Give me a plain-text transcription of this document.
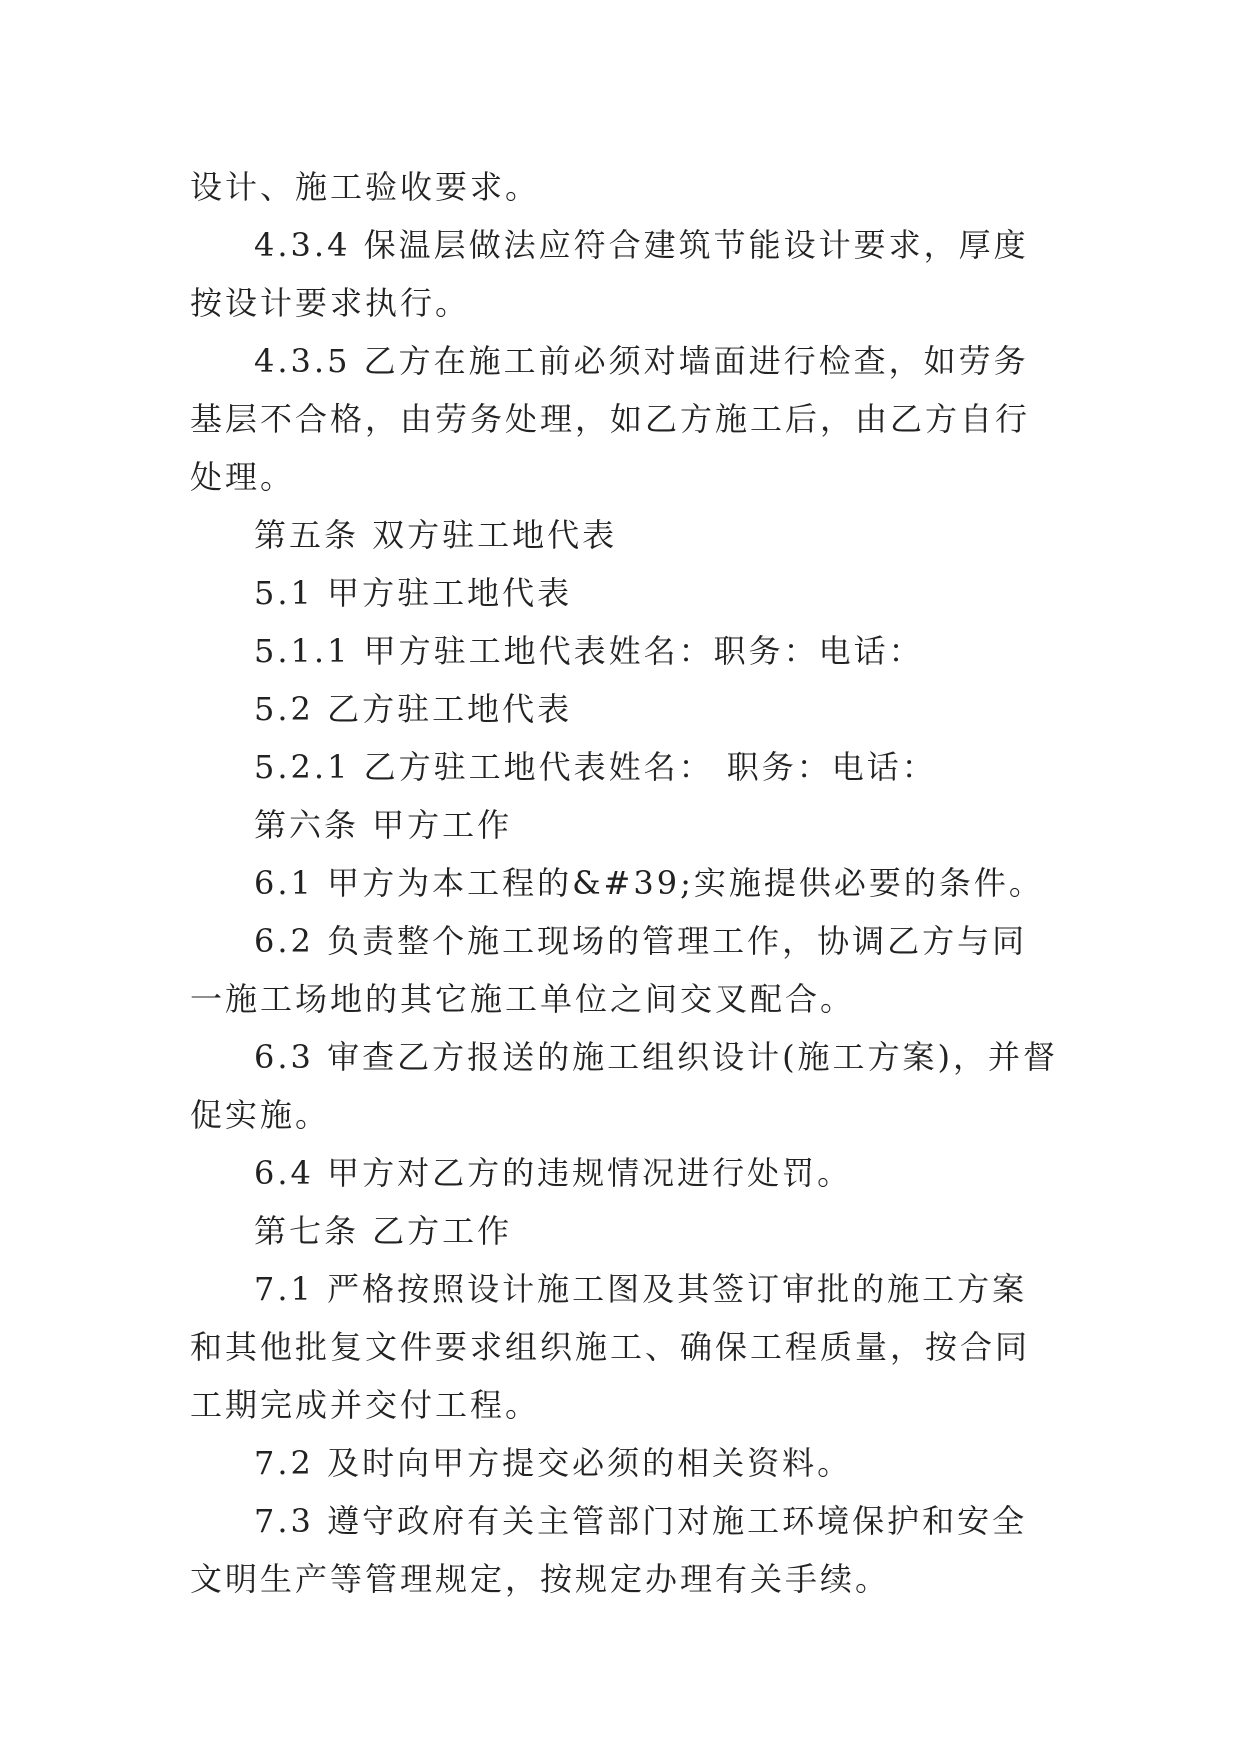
设计、施工验收要求。

4.3.4 保温层做法应符合建筑节能设计要求，厚度按设计要求执行。

4.3.5 乙方在施工前必须对墙面进行检查，如劳务基层不合格，由劳务处理，如乙方施工后，由乙方自行处理。

第五条 双方驻工地代表

5.1 甲方驻工地代表

5.1.1 甲方驻工地代表姓名：职务：电话：

5.2 乙方驻工地代表

5.2.1 乙方驻工地代表姓名： 职务：电话：

第六条 甲方工作

6.1 甲方为本工程的&#39;实施提供必要的条件。

6.2 负责整个施工现场的管理工作，协调乙方与同一施工场地的其它施工单位之间交叉配合。

6.3 审查乙方报送的施工组织设计(施工方案)，并督促实施。

6.4 甲方对乙方的违规情况进行处罚。

第七条 乙方工作

7.1 严格按照设计施工图及其签订审批的施工方案和其他批复文件要求组织施工、确保工程质量，按合同工期完成并交付工程。

7.2 及时向甲方提交必须的相关资料。

7.3 遵守政府有关主管部门对施工环境保护和安全文明生产等管理规定，按规定办理有关手续。
